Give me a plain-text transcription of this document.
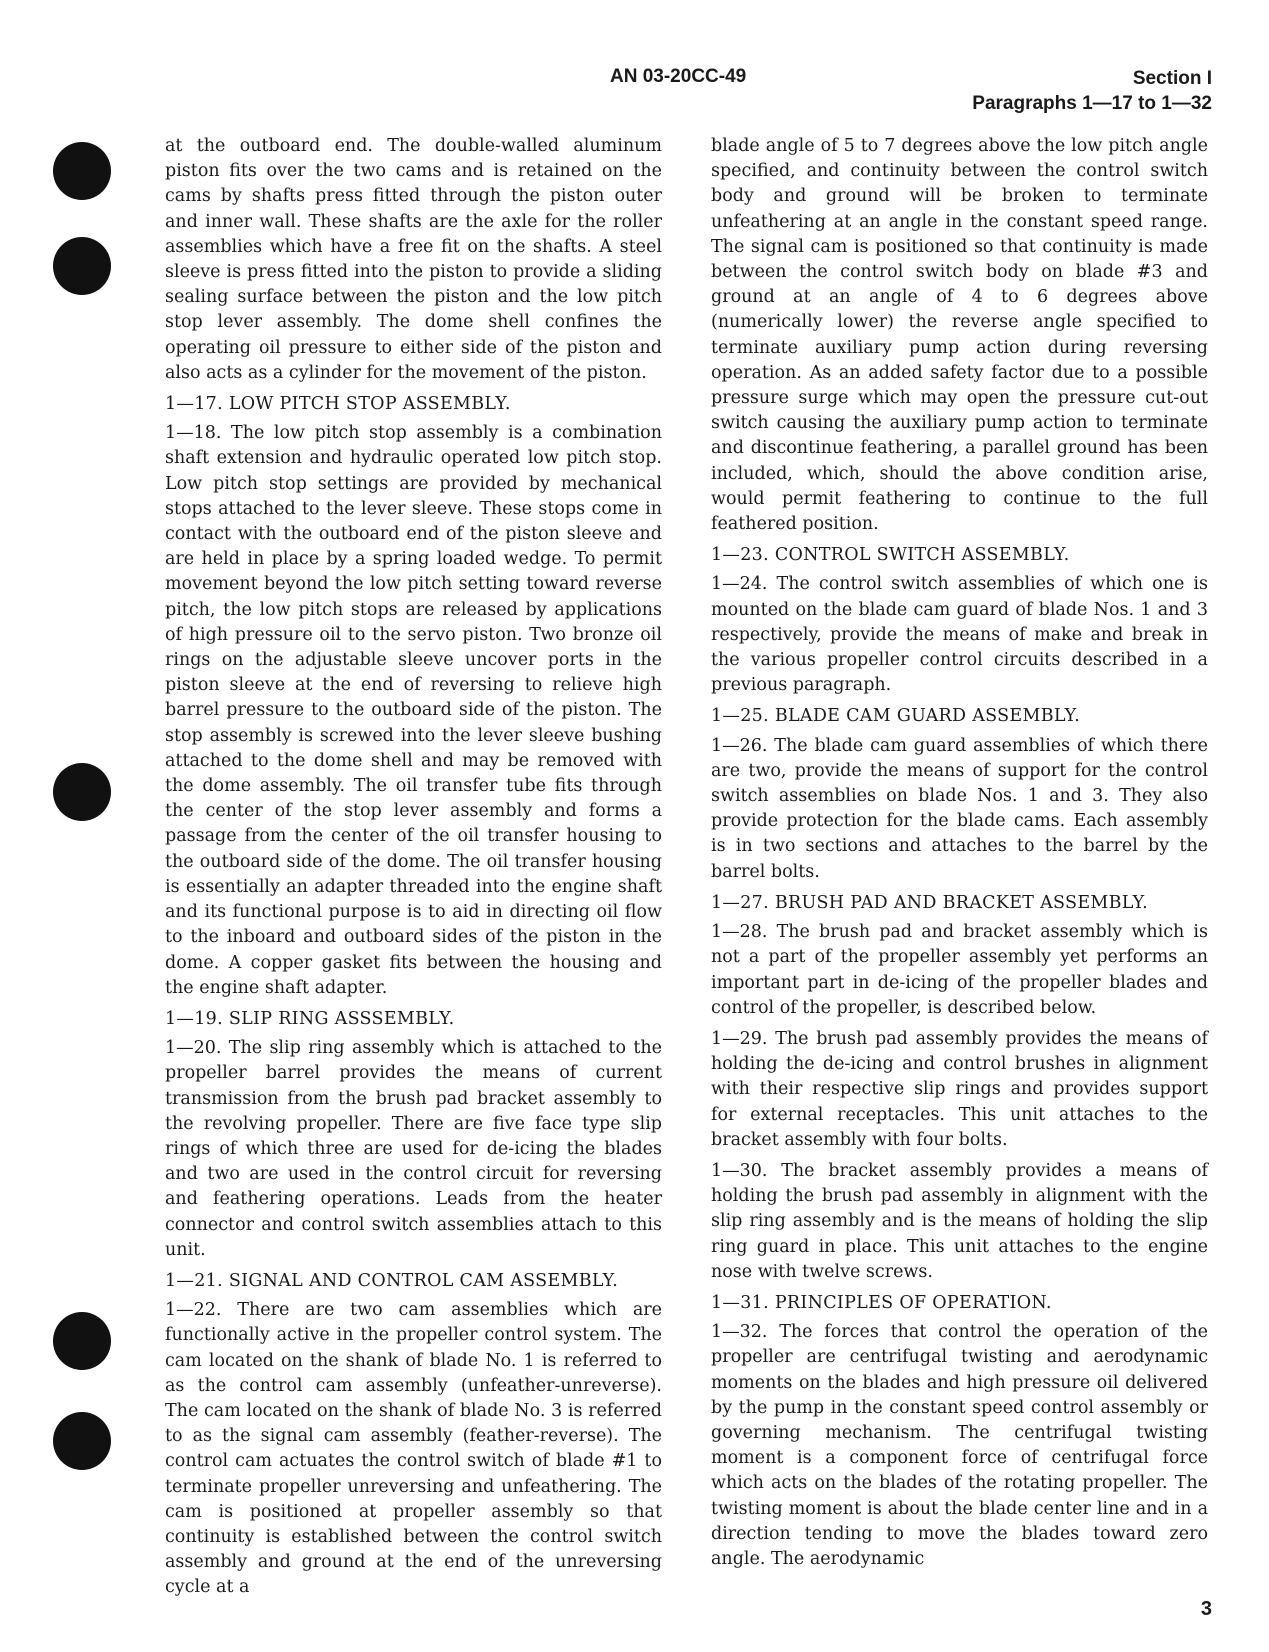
AN 03-20CC-49	Section I
Paragraphs 1—17 to 1—32

at the outboard end. The double-walled aluminum piston fits over the two cams and is retained on the cams by shafts press fitted through the piston outer and inner wall. These shafts are the axle for the roller assemblies which have a free fit on the shafts. A steel sleeve is press fitted into the piston to provide a sliding sealing surface between the piston and the low pitch stop lever assembly. The dome shell confines the operating oil pressure to either side of the piston and also acts as a cylinder for the movement of the piston.

1—17. LOW PITCH STOP ASSEMBLY.

1—18. The low pitch stop assembly is a combination shaft extension and hydraulic operated low pitch stop. Low pitch stop settings are provided by mechanical stops attached to the lever sleeve. These stops come in contact with the outboard end of the piston sleeve and are held in place by a spring loaded wedge. To permit movement beyond the low pitch setting toward reverse pitch, the low pitch stops are released by applications of high pressure oil to the servo piston. Two bronze oil rings on the adjustable sleeve uncover ports in the piston sleeve at the end of reversing to relieve high barrel pressure to the outboard side of the piston. The stop assembly is screwed into the lever sleeve bushing attached to the dome shell and may be removed with the dome assembly. The oil transfer tube fits through the center of the stop lever assembly and forms a passage from the center of the oil transfer housing to the outboard side of the dome. The oil transfer housing is essentially an adapter threaded into the engine shaft and its functional purpose is to aid in directing oil flow to the inboard and outboard sides of the piston in the dome. A copper gasket fits between the housing and the engine shaft adapter.

1—19. SLIP RING ASSSEMBLY.

1—20. The slip ring assembly which is attached to the propeller barrel provides the means of current transmission from the brush pad bracket assembly to the revolving propeller. There are five face type slip rings of which three are used for de-icing the blades and two are used in the control circuit for reversing and feathering operations. Leads from the heater connector and control switch assemblies attach to this unit.

1—21. SIGNAL AND CONTROL CAM ASSEMBLY.

1—22. There are two cam assemblies which are functionally active in the propeller control system. The cam located on the shank of blade No. 1 is referred to as the control cam assembly (unfeather-unreverse). The cam located on the shank of blade No. 3 is referred to as the signal cam assembly (feather-reverse). The control cam actuates the control switch of blade #1 to terminate propeller unreversing and unfeathering. The cam is positioned at propeller assembly so that continuity is established between the control switch assembly and ground at the end of the unreversing cycle at a

blade angle of 5 to 7 degrees above the low pitch angle specified, and continuity between the control switch body and ground will be broken to terminate unfeathering at an angle in the constant speed range. The signal cam is positioned so that continuity is made between the control switch body on blade #3 and ground at an angle of 4 to 6 degrees above (numerically lower) the reverse angle specified to terminate auxiliary pump action during reversing operation. As an added safety factor due to a possible pressure surge which may open the pressure cut-out switch causing the auxiliary pump action to terminate and discontinue feathering, a parallel ground has been included, which, should the above condition arise, would permit feathering to continue to the full feathered position.

1—23. CONTROL SWITCH ASSEMBLY.

1—24. The control switch assemblies of which one is mounted on the blade cam guard of blade Nos. 1 and 3 respectively, provide the means of make and break in the various propeller control circuits described in a previous paragraph.

1—25. BLADE CAM GUARD ASSEMBLY.

1—26. The blade cam guard assemblies of which there are two, provide the means of support for the control switch assemblies on blade Nos. 1 and 3. They also provide protection for the blade cams. Each assembly is in two sections and attaches to the barrel by the barrel bolts.

1—27. BRUSH PAD AND BRACKET ASSEMBLY.

1—28. The brush pad and bracket assembly which is not a part of the propeller assembly yet performs an important part in de-icing of the propeller blades and control of the propeller, is described below.

1—29. The brush pad assembly provides the means of holding the de-icing and control brushes in alignment with their respective slip rings and provides support for external receptacles. This unit attaches to the bracket assembly with four bolts.

1—30. The bracket assembly provides a means of holding the brush pad assembly in alignment with the slip ring assembly and is the means of holding the slip ring guard in place. This unit attaches to the engine nose with twelve screws.

1—31. PRINCIPLES OF OPERATION.

1—32. The forces that control the operation of the propeller are centrifugal twisting and aerodynamic moments on the blades and high pressure oil delivered by the pump in the constant speed control assembly or governing mechanism. The centrifugal twisting moment is a component force of centrifugal force which acts on the blades of the rotating propeller. The twisting moment is about the blade center line and in a direction tending to move the blades toward zero angle. The aerodynamic

3
